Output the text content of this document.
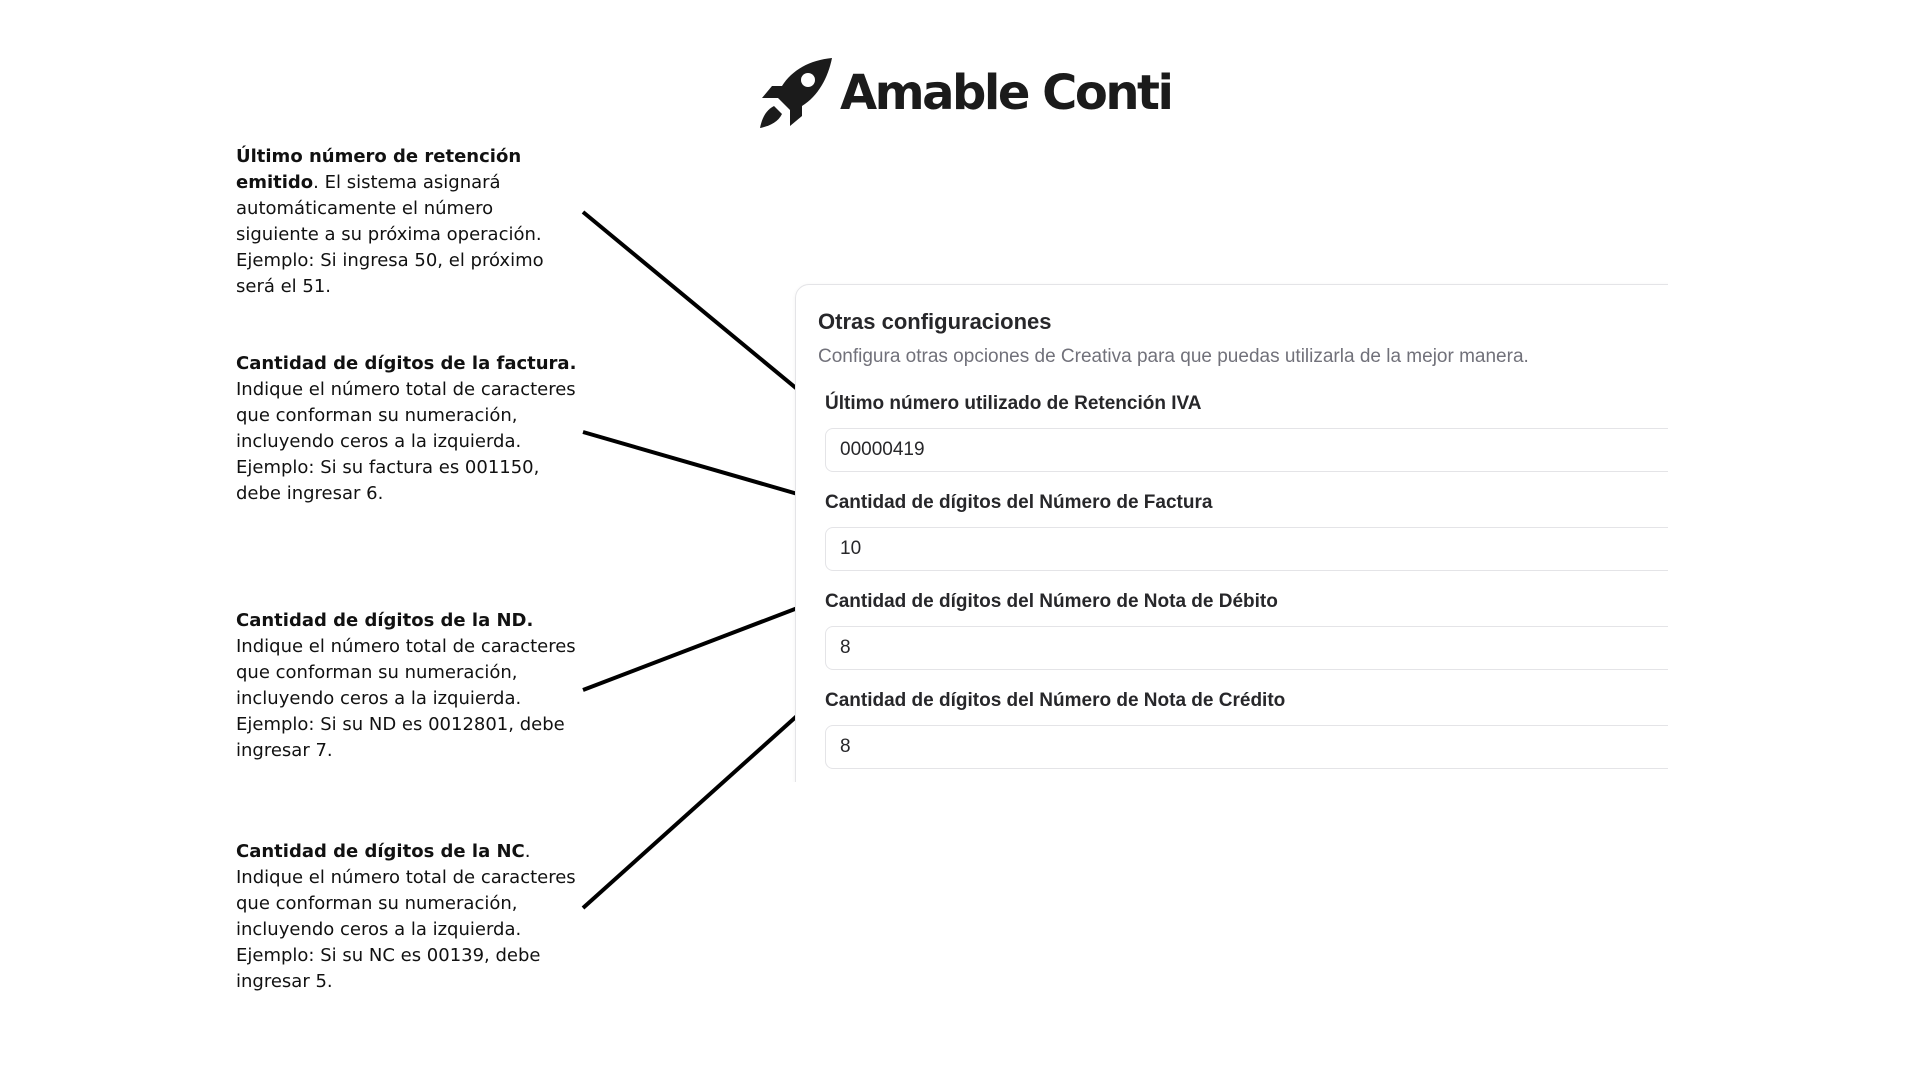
Amable Conti
Último número de retención emitido. El sistema asignará automáticamente el número siguiente a su próxima operación. Ejemplo: Si ingresa 50, el próximo será el 51.
Cantidad de dígitos de la factura. Indique el número total de caracteres que conforman su numeración, incluyendo ceros a la izquierda. Ejemplo: Si su factura es 001150, debe ingresar 6.
Cantidad de dígitos de la ND. Indique el número total de caracteres que conforman su numeración, incluyendo ceros a la izquierda. Ejemplo: Si su ND es 0012801, debe ingresar 7.
Cantidad de dígitos de la NC. Indique el número total de caracteres que conforman su numeración, incluyendo ceros a la izquierda. Ejemplo: Si su NC es 00139, debe ingresar 5.
Otras configuraciones
Configura otras opciones de Creativa para que puedas utilizarla de la mejor manera.
Último número utilizado de Retención IVA
00000419
Cantidad de dígitos del Número de Factura
10
Cantidad de dígitos del Número de Nota de Débito
8
Cantidad de dígitos del Número de Nota de Crédito
8
